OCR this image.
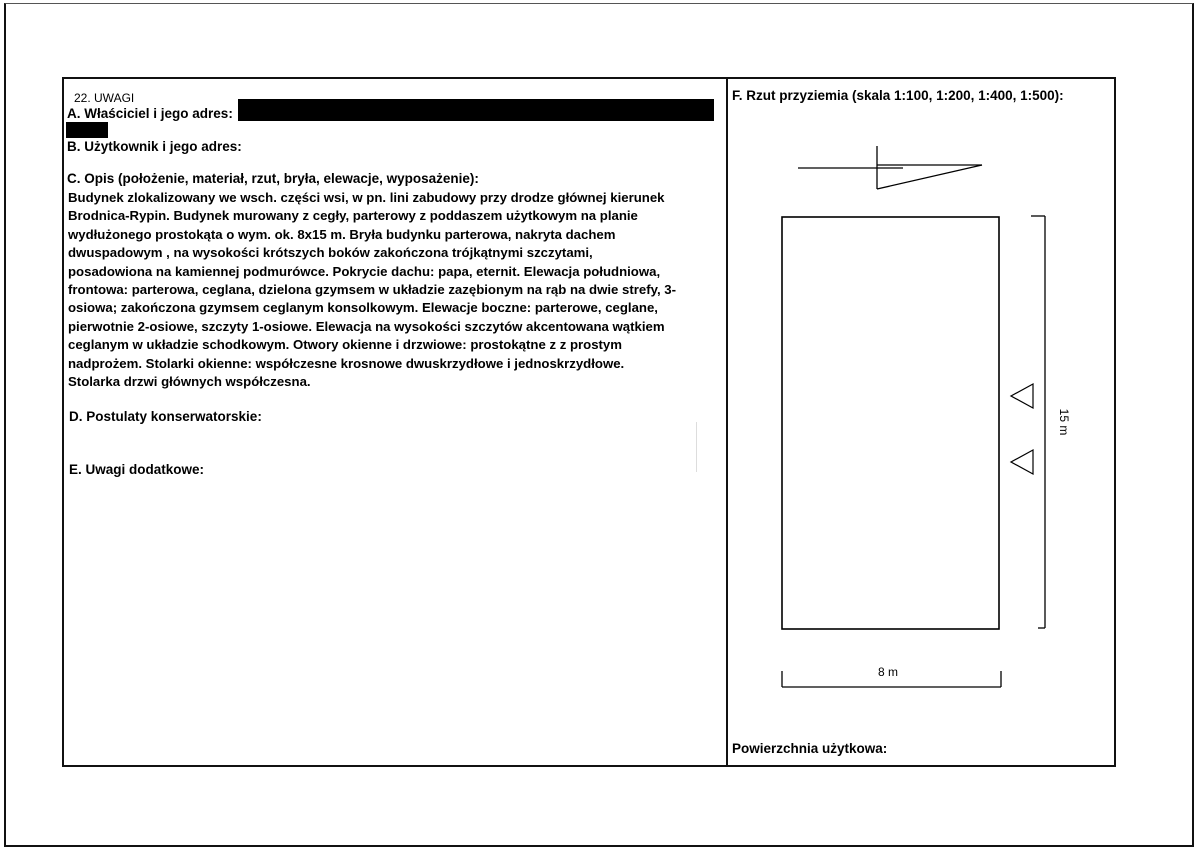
22. UWAGI
A. Właściciel i jego adres:
B. Użytkownik i jego adres:
C. Opis (położenie, materiał, rzut, bryła, elewacje, wyposażenie):
Budynek zlokalizowany we wsch. części wsi, w pn. lini zabudowy przy drodze głównej kierunek
Brodnica-Rypin. Budynek murowany z cegły, parterowy z poddaszem użytkowym na planie
wydłużonego prostokąta o wym. ok. 8x15 m. Bryła budynku parterowa, nakryta dachem
dwuspadowym , na wysokości krótszych boków zakończona trójkątnymi szczytami,
posadowiona na kamiennej podmurówce. Pokrycie dachu: papa, eternit. Elewacja południowa,
frontowa: parterowa, ceglana, dzielona gzymsem w układzie zazębionym na rąb na dwie strefy, 3-
osiowa; zakończona gzymsem ceglanym konsolkowym. Elewacje boczne: parterowe, ceglane,
pierwotnie 2-osiowe, szczyty 1-osiowe. Elewacja na wysokości szczytów akcentowana wątkiem
ceglanym w układzie schodkowym. Otwory okienne i drzwiowe: prostokątne z z prostym
nadprożem. Stolarki okienne: współczesne krosnowe dwuskrzydłowe i jednoskrzydłowe.
Stolarka drzwi głównych współczesna.
D. Postulaty konserwatorskie:
E. Uwagi dodatkowe:
F. Rzut przyziemia (skala 1:100, 1:200, 1:400, 1:500):
8 m
15 m
Powierzchnia użytkowa:
